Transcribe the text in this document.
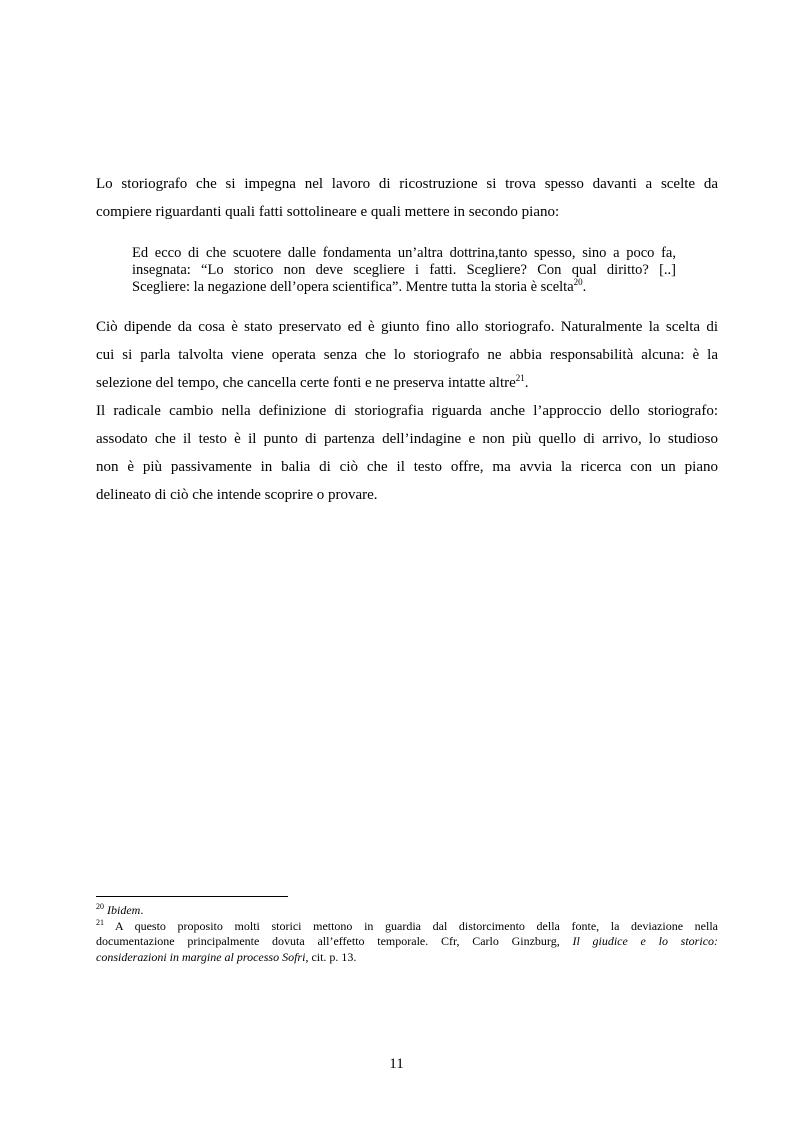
Lo storiografo che si impegna nel lavoro di ricostruzione si trova spesso davanti a scelte da
compiere riguardanti quali fatti sottolineare e quali mettere in secondo piano:

Ed ecco di che scuotere dalle fondamenta un’altra dottrina,tanto spesso, sino a poco fa,
insegnata: “Lo storico non deve scegliere i fatti. Scegliere? Con qual diritto? [..]
Scegliere: la negazione dell’opera scientifica”. Mentre tutta la storia è scelta$^{20}$.

Ciò dipende da cosa è stato preservato ed è giunto fino allo storiografo. Naturalmente la scelta di
cui si parla talvolta viene operata senza che lo storiografo ne abbia responsabilità alcuna: è la
selezione del tempo, che cancella certe fonti e ne preserva intatte altre$^{21}$.

Il radicale cambio nella definizione di storiografia riguarda anche l’approccio dello storiografo:
assodato che il testo è il punto di partenza dell’indagine e non più quello di arrivo, lo studioso
non è più passivamente in balia di ciò che il testo offre, ma avvia la ricerca con un piano
delineato di ciò che intende scoprire o provare.

$^{20}$ Ibidem.
$^{21}$ A questo proposito molti storici mettono in guardia dal distorcimento della fonte, la deviazione nella
documentazione principalmente dovuta all’effetto temporale. Cfr, Carlo Ginzburg, Il giudice e lo storico:
considerazioni in margine al processo Sofri, cit. p. 13.
11
